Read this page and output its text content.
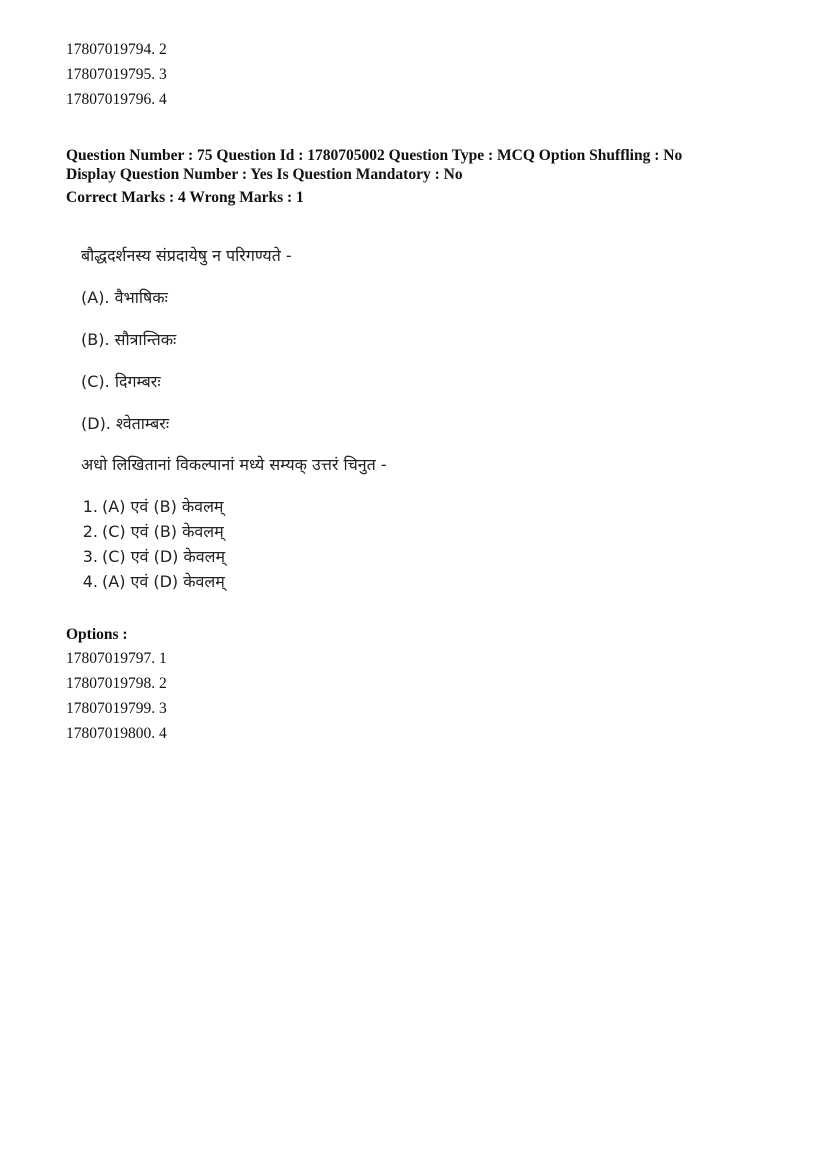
17807019794. 2
17807019795. 3
17807019796. 4
Question Number : 75 Question Id : 1780705002 Question Type : MCQ Option Shuffling : No
Display Question Number : Yes Is Question Mandatory : No
Correct Marks : 4 Wrong Marks : 1
बौद्धदर्शनस्य संप्रदायेषु न परिगण्यते -
(A). वैभाषिकः
(B). सौत्रान्तिकः
(C). दिगम्बरः
(D). श्वेताम्बरः
अधो लिखितानां विकल्पानां मध्ये सम्यक् उत्तरं चिनुत -
1. (A) एवं (B) केवलम्
2. (C) एवं (B) केवलम्
3. (C) एवं (D) केवलम्
4. (A) एवं (D) केवलम्
Options :
17807019797. 1
17807019798. 2
17807019799. 3
17807019800. 4
